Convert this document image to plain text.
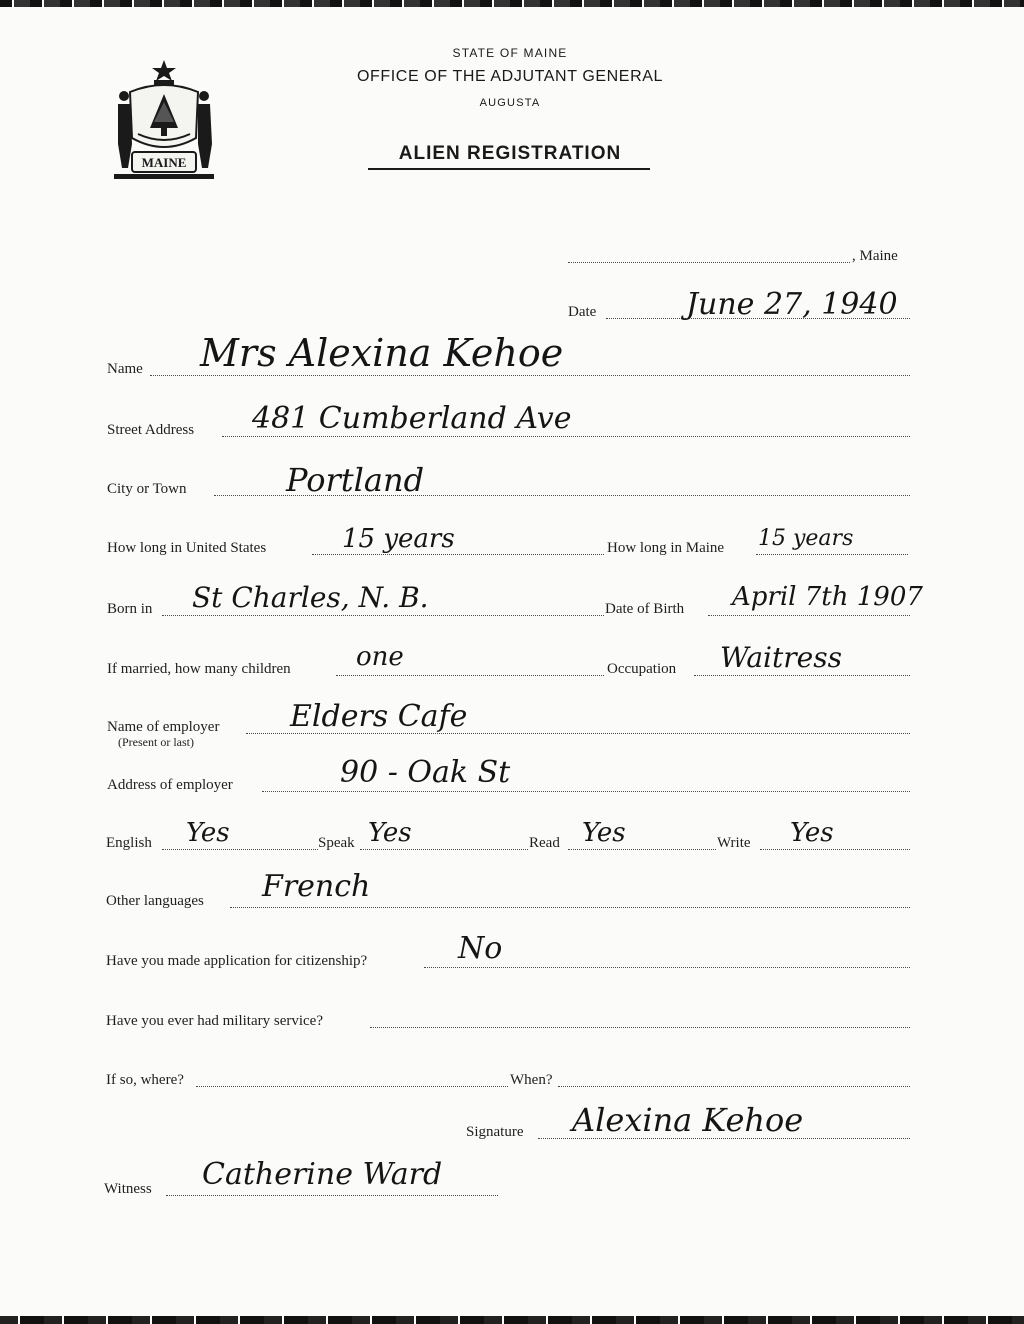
MAINE
STATE OF MAINE
OFFICE OF THE ADJUTANT GENERAL
AUGUSTA
ALIEN REGISTRATION
, Maine
Date	June 27, 1940
Name Mrs Alexina Kehoe
Street Address 481 Cumberland Ave
City or Town	Portland
How long in United States	15 years	How long in Maine 15 years
Born in St Charles, N. B.	Date of Birth April 7th 1907
If married, how many children	one	Occupation Waitress
Name of employer
(Present or last)
Elders Cafe
Address of employer	90 - Oak St
English Yes	Speak Yes	Read Yes	Write Yes
Other languages French
Have you made application for citizenship?	No
Have you ever had military service?
If so, where?	When?
Signature Alexina Kehoe
Witness Catherine Ward
